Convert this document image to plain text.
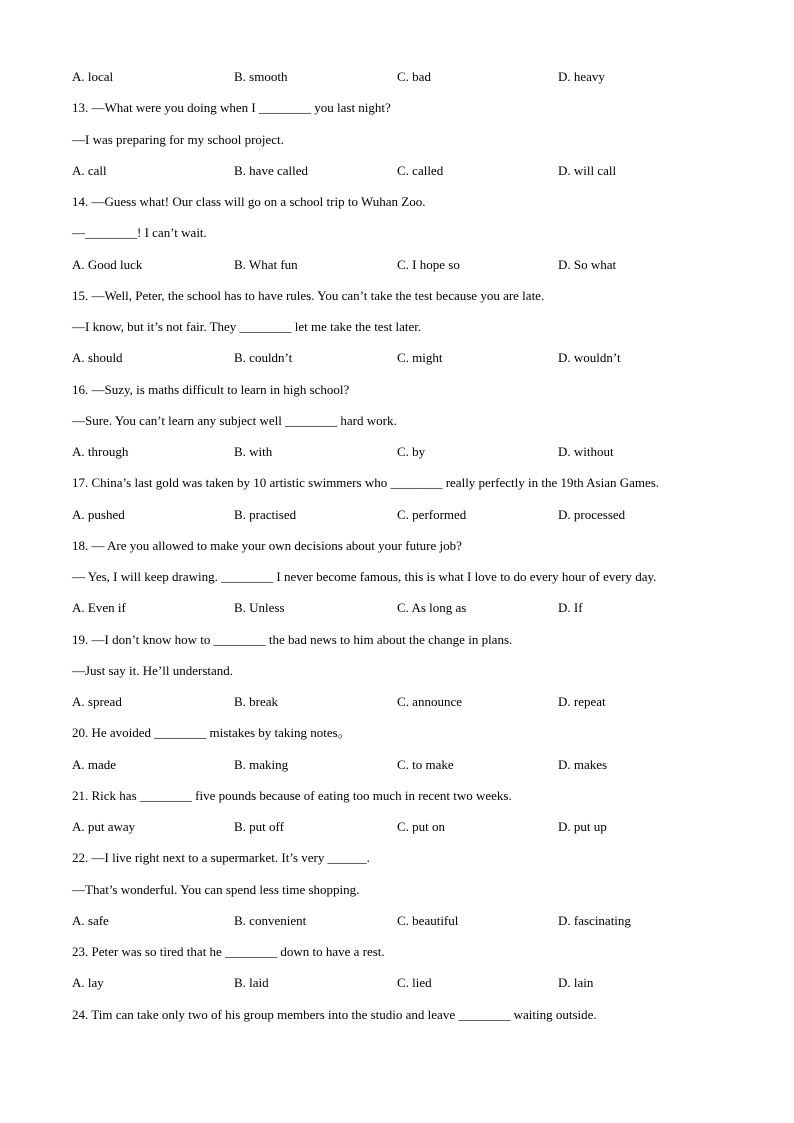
A. local	B. smooth	C. bad	D. heavy
13. —What were you doing when I ________ you last night?
—I was preparing for my school project.
A. call	B. have called	C. called	D. will call
14. —Guess what! Our class will go on a school trip to Wuhan Zoo.
—________! I can’t wait.
A. Good luck	B. What fun	C. I hope so	D. So what
15. —Well, Peter, the school has to have rules. You can’t take the test because you are late.
—I know, but it’s not fair. They ________ let me take the test later.
A. should	B. couldn’t	C. might	D. wouldn’t
16. —Suzy, is maths difficult to learn in high school?
—Sure. You can’t learn any subject well ________ hard work.
A. through	B. with	C. by	D. without
17. China’s last gold was taken by 10 artistic swimmers who ________ really perfectly in the 19th Asian Games.
A. pushed	B. practised	C. performed	D. processed
18. — Are you allowed to make your own decisions about your future job?
— Yes, I will keep drawing. ________ I never become famous, this is what I love to do every hour of every day.
A. Even if	B. Unless	C. As long as	D. If
19. —I don’t know how to ________ the bad news to him about the change in plans.
—Just say it. He’ll understand.
A. spread	B. break	C. announce	D. repeat
20. He avoided ________ mistakes by taking notes。
A. made	B. making	C. to make	D. makes
21. Rick has ________ five pounds because of eating too much in recent two weeks.
A. put away	B. put off	C. put on	D. put up
22. —I live right next to a supermarket. It’s very ______.
—That’s wonderful. You can spend less time shopping.
A. safe	B. convenient	C. beautiful	D. fascinating
23. Peter was so tired that he ________ down to have a rest.
A. lay	B. laid	C. lied	D. lain
24. Tim can take only two of his group members into the studio and leave ________ waiting outside.
